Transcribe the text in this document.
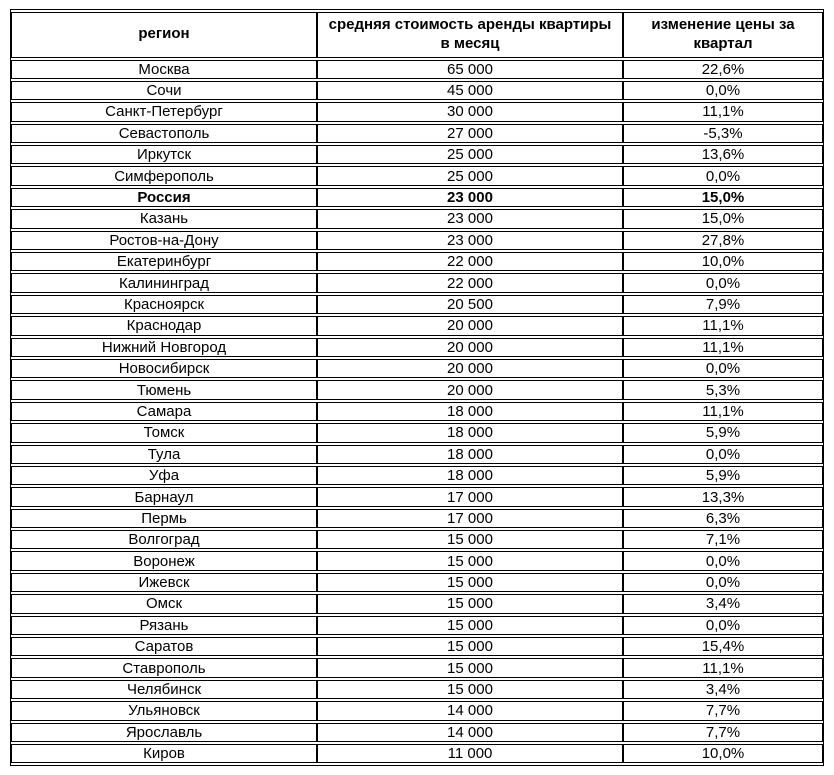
регион	средняя стоимость аренды квартиры в месяц	изменение цены за квартал
Москва	65 000	22,6%
Сочи	45 000	0,0%
Санкт-Петербург	30 000	11,1%
Севастополь	27 000	-5,3%
Иркутск	25 000	13,6%
Симферополь	25 000	0,0%
Россия	23 000	15,0%
Казань	23 000	15,0%
Ростов-на-Дону	23 000	27,8%
Екатеринбург	22 000	10,0%
Калининград	22 000	0,0%
Красноярск	20 500	7,9%
Краснодар	20 000	11,1%
Нижний Новгород	20 000	11,1%
Новосибирск	20 000	0,0%
Тюмень	20 000	5,3%
Самара	18 000	11,1%
Томск	18 000	5,9%
Тула	18 000	0,0%
Уфа	18 000	5,9%
Барнаул	17 000	13,3%
Пермь	17 000	6,3%
Волгоград	15 000	7,1%
Воронеж	15 000	0,0%
Ижевск	15 000	0,0%
Омск	15 000	3,4%
Рязань	15 000	0,0%
Саратов	15 000	15,4%
Ставрополь	15 000	11,1%
Челябинск	15 000	3,4%
Ульяновск	14 000	7,7%
Ярославль	14 000	7,7%
Киров	11 000	10,0%
